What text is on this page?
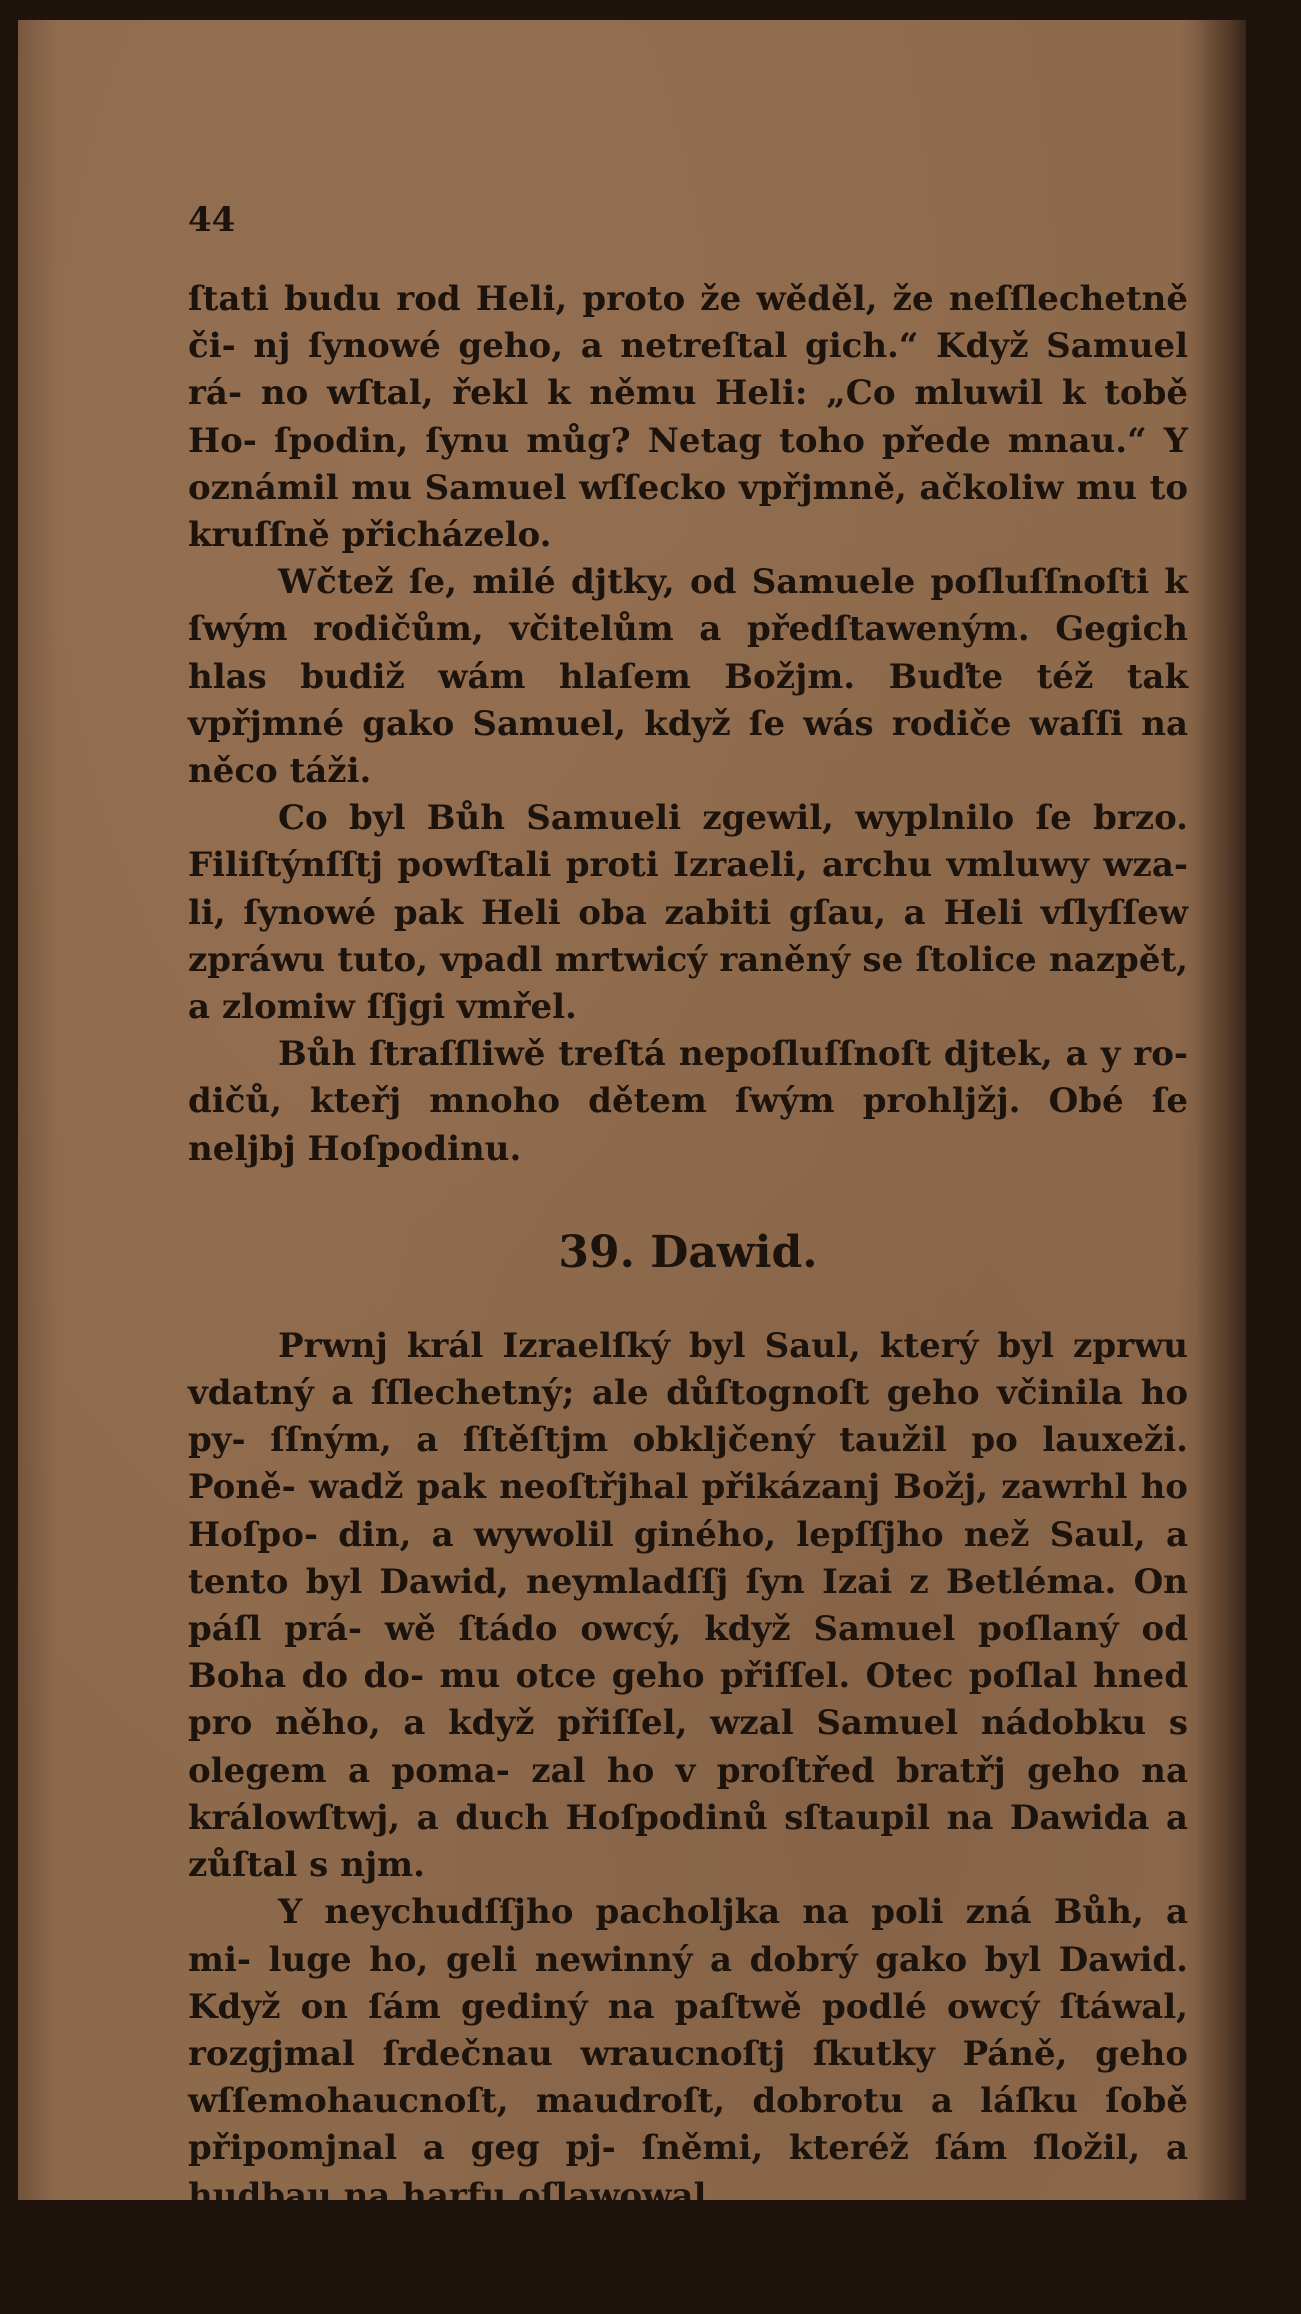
44

ſtati budu rod Heli, proto že wěděl, že neſſlechetně či- nj ſynowé geho, a netreſtal gich.“ Když Samuel rá- no wſtal, řekl k němu Heli: „Co mluwil k tobě Ho- ſpodin, ſynu můg? Netag toho přede mnau.“ Y oznámil mu Samuel wſſecko vpřjmně, ačkoliw mu to kruſſně přicházelo.

Wčtež ſe, milé djtky, od Samuele poſluſſnoſti k ſwým rodičům, včitelům a předſtaweným. Gegich hlas budiž wám hlaſem Božjm. Buďte též tak vpřjmné gako Samuel, když ſe wás rodiče waſſi na něco táži.

Co byl Bůh Samueli zgewil, wyplnilo ſe brzo. Filiſtýnſſtj powſtali proti Izraeli, archu vmluwy wza- li, ſynowé pak Heli oba zabiti gſau, a Heli vſlyſſew zpráwu tuto, vpadl mrtwicý raněný se ſtolice nazpět, a zlomiw ſſjgi vmřel.

Bůh ſtraſſliwě treſtá nepoſluſſnoſt djtek, a y ro- dičů, kteřj mnoho dětem ſwým prohljžj. Obé ſe neljbj Hoſpodinu.

39. Dawid.

Prwnj král Izraelſký byl Saul, který byl zprwu vdatný a ſſlechetný; ale důſtognoſt geho včinila ho py- ſſným, a ſſtěſtjm obkljčený taužil po lauxeži. Poně- wadž pak neoſtřjhal přikázanj Božj, zawrhl ho Hoſpo- din, a wywolil giného, lepſſjho než Saul, a tento byl Dawid, neymladſſj ſyn Izai z Betléma. On páſl prá- wě ſtádo owcý, když Samuel poſlaný od Boha do do- mu otce geho přiſſel. Otec poſlal hned pro něho, a když přiſſel, wzal Samuel nádobku s olegem a poma- zal ho v proſtřed bratřj geho na králowſtwj, a duch Hoſpodinů sſtaupil na Dawida a zůſtal s njm.

Y neychudſſjho pacholjka na poli zná Bůh, a mi- luge ho, geli newinný a dobrý gako byl Dawid. Když on ſám gediný na paſtwě podlé owcý ſtáwal, rozgjmal ſrdečnau wraucnoſtj ſkutky Páně, geho wſſemohaucnoſt, maudroſt, dobrotu a láſku ſobě připomjnal a geg pj- ſněmi, kteréž ſám ſložil, a hudbau na harfu oſlawowal.

Pro geho kráſný zpěw a hránj na harfu byl ku dworu králowſkému powolán. Geho zpěw a hránj na
